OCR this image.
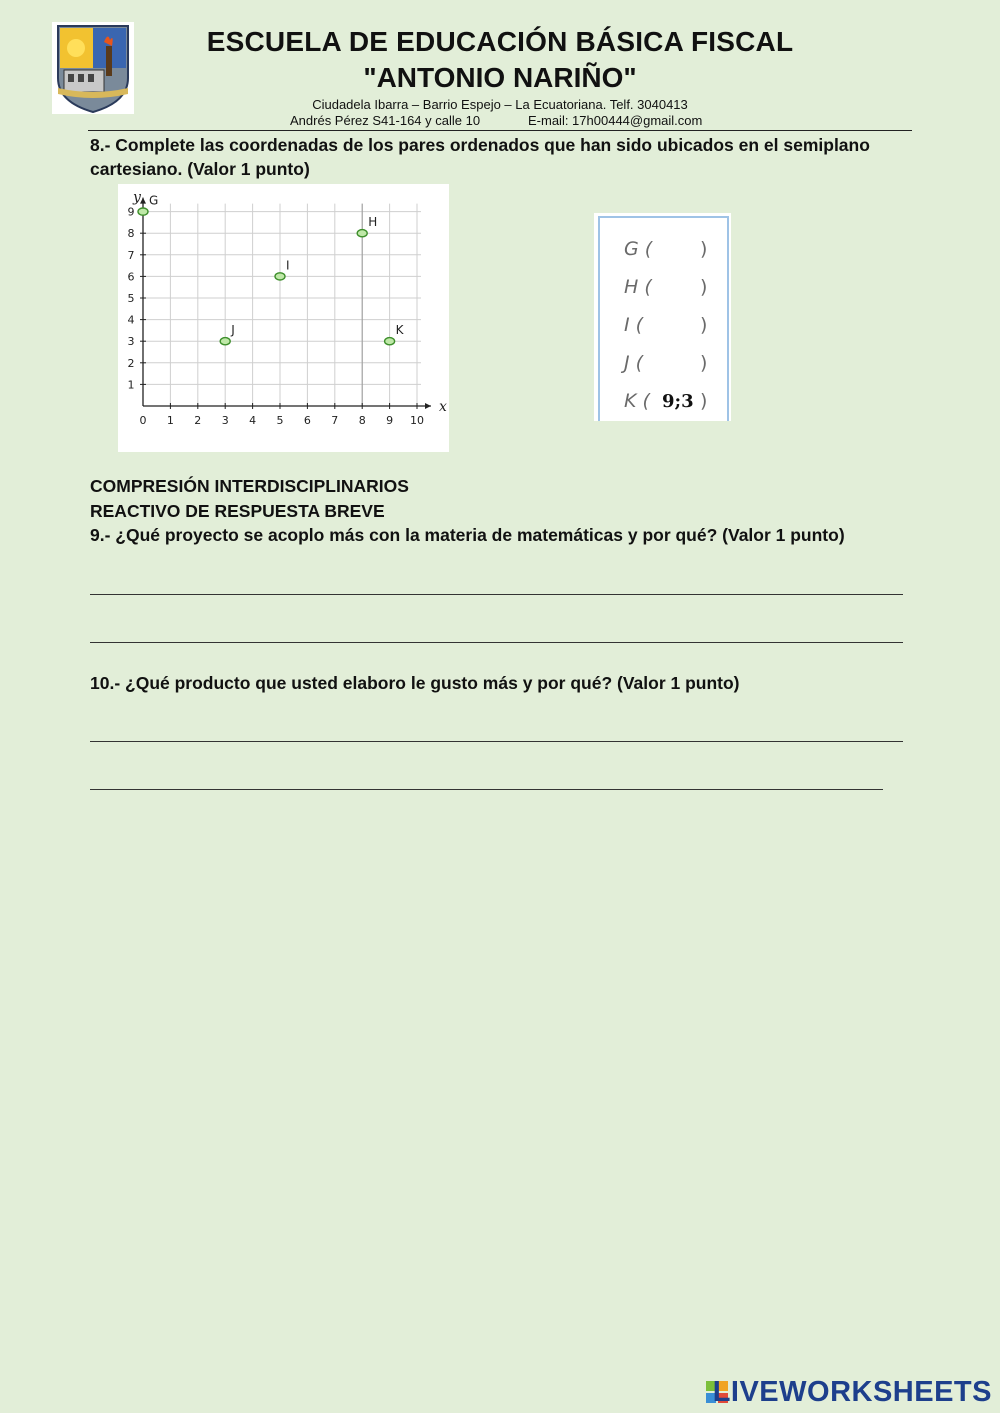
ESCUELA DE EDUCACIÓN BÁSICA FISCAL
"ANTONIO NARIÑO"
Ciudadela Ibarra – Barrio Espejo – La Ecuatoriana. Telf. 3040413
Andrés Pérez S41-164 y calle 10	E-mail: 17h00444@gmail.com
8.- Complete las coordenadas de los pares ordenados que han sido ubicados en el semiplano cartesiano. (Valor 1 punto)
0 1 2 3 4 5 6 7 8 9 10
1
2
3
4
5
6
7
8
9
x
y G
H
I
J	K
G (	)
H (	)
I (	)
J (	)
K ( 9;3 )
COMPRESIÓN INTERDISCIPLINARIOS
REACTIVO DE RESPUESTA BREVE
9.- ¿Qué proyecto se acoplo más con la materia de matemáticas y por qué? (Valor 1 punto)
10.- ¿Qué producto que usted elaboro le gusto más y por qué? (Valor 1 punto)
LIVEWORKSHEETS
